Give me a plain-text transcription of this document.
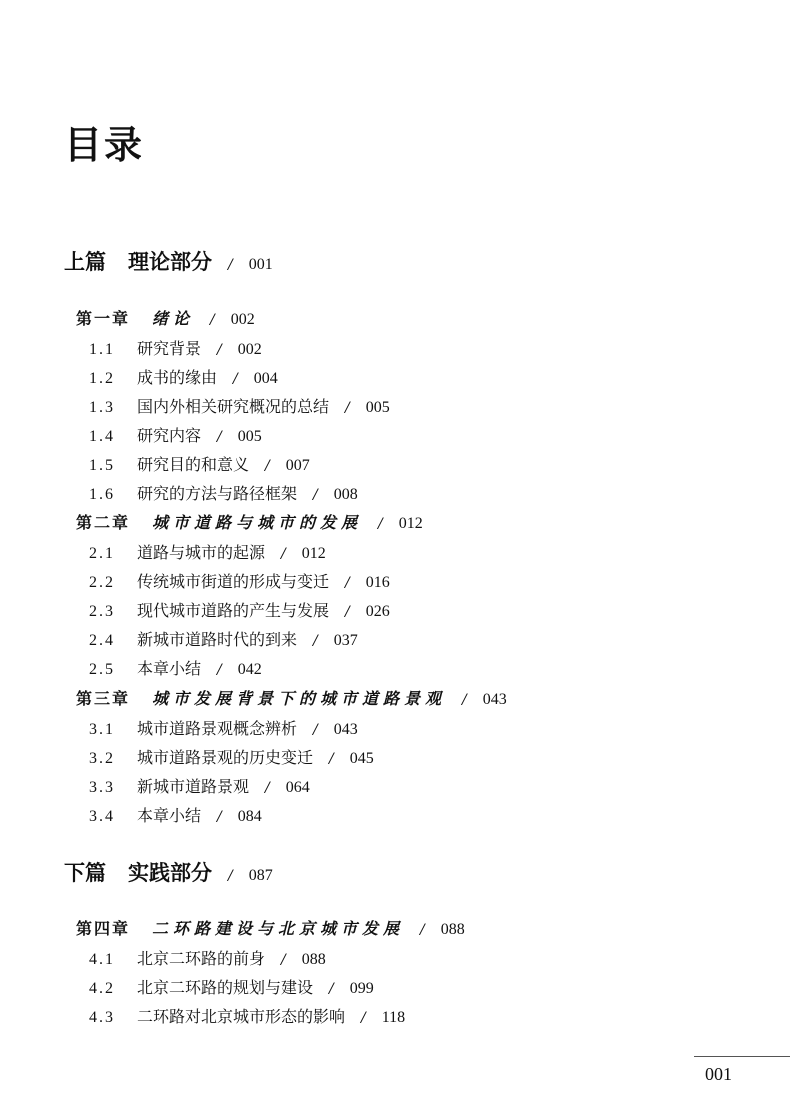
目录
上篇 理论部分 / 001
第一章 绪论 / 002
1.1	研究背景 / 002
1.2	成书的缘由 / 004
1.3	国内外相关研究概况的总结 / 005
1.4	研究内容 / 005
1.5	研究目的和意义 / 007
1.6	研究的方法与路径框架 / 008
第二章 城市道路与城市的发展 / 012
2.1	道路与城市的起源 / 012
2.2	传统城市街道的形成与变迁 / 016
2.3	现代城市道路的产生与发展 / 026
2.4	新城市道路时代的到来 / 037
2.5	本章小结 / 042
第三章 城市发展背景下的城市道路景观 / 043
3.1	城市道路景观概念辨析 / 043
3.2	城市道路景观的历史变迁 / 045
3.3	新城市道路景观 / 064
3.4	本章小结 / 084
下篇 实践部分 / 087
第四章 二环路建设与北京城市发展 / 088
4.1	北京二环路的前身 / 088
4.2	北京二环路的规划与建设 / 099
4.3	二环路对北京城市形态的影响 / 118
001
